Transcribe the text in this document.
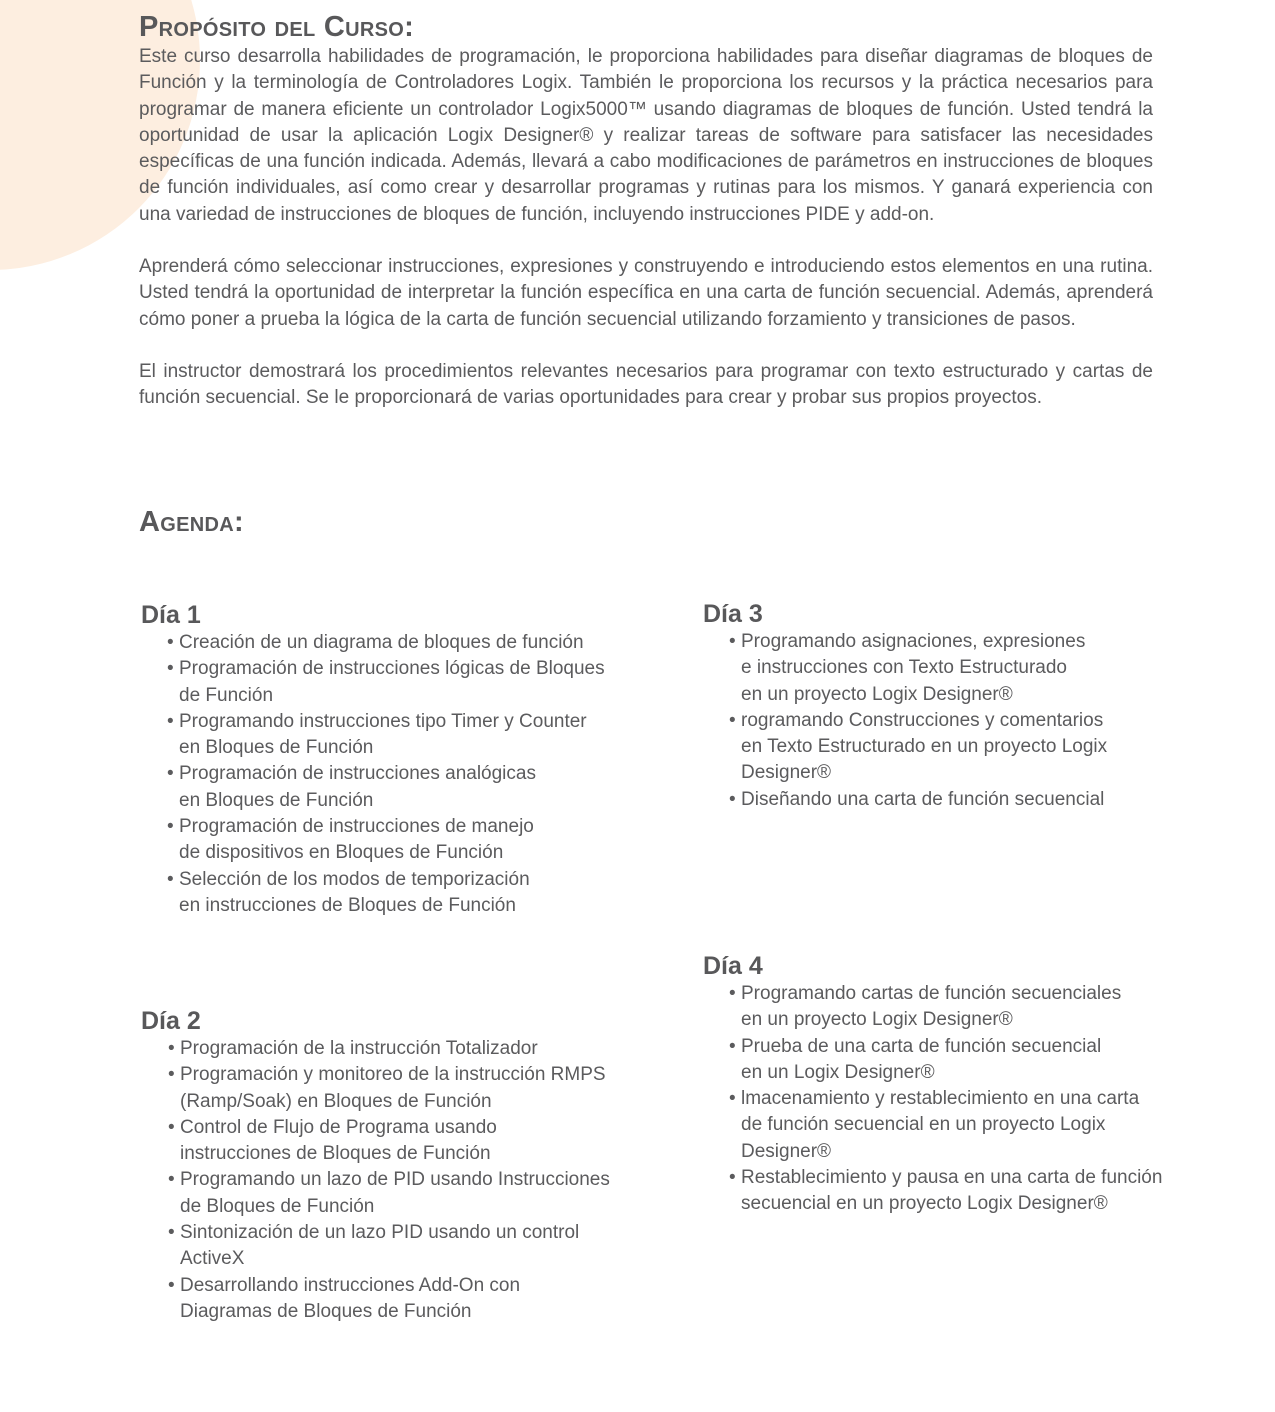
Propósito del Curso:

Este curso desarrolla habilidades de programación, le proporciona habilidades para diseñar diagramas de bloques de Función y la terminología de Controladores Logix. También le proporciona los recursos y la práctica necesarios para programar de manera eficiente un controlador Logix5000™ usando diagramas de bloques de función. Usted tendrá la oportunidad de usar la aplicación Logix Designer® y realizar tareas de software para satisfacer las necesidades específicas de una función indicada. Además, llevará a cabo modificaciones de parámetros en instrucciones de bloques de función individuales, así como crear y desarrollar programas y rutinas para los mismos. Y ganará experiencia con una variedad de instrucciones de bloques de función, incluyendo instrucciones PIDE y add-on.

Aprenderá cómo seleccionar instrucciones, expresiones y construyendo e introduciendo estos elementos en una rutina. Usted tendrá la oportunidad de interpretar la función específica en una carta de función secuencial. Además, aprenderá cómo poner a prueba la lógica de la carta de función secuencial utilizando forzamiento y transiciones de pasos.

El instructor demostrará los procedimientos relevantes necesarios para programar con texto estructurado y cartas de función secuencial. Se le proporcionará de varias oportunidades para crear y probar sus propios proyectos.

Agenda:
Día 1
• Creación de un diagrama de bloques de función
• Programación de instrucciones lógicas de Bloques
de Función
• Programando instrucciones tipo Timer y Counter
en Bloques de Función
• Programación de instrucciones analógicas
en Bloques de Función
• Programación de instrucciones de manejo
de dispositivos en Bloques de Función
• Selección de los modos de temporización
en instrucciones de Bloques de Función
Día 2
• Programación de la instrucción Totalizador
• Programación y monitoreo de la instrucción RMPS
(Ramp/Soak) en Bloques de Función
• Control de Flujo de Programa usando
instrucciones de Bloques de Función
• Programando un lazo de PID usando Instrucciones
de Bloques de Función
• Sintonización de un lazo PID usando un control
ActiveX
• Desarrollando instrucciones Add-On con
Diagramas de Bloques de Función
Día 3
• Programando asignaciones, expresiones
e instrucciones con Texto Estructurado
en un proyecto Logix Designer®
• rogramando Construcciones y comentarios
en Texto Estructurado en un proyecto Logix
Designer®
• Diseñando una carta de función secuencial
Día 4
• Programando cartas de función secuenciales
en un proyecto Logix Designer®
• Prueba de una carta de función secuencial
en un Logix Designer®
• lmacenamiento y restablecimiento en una carta
de función secuencial en un proyecto Logix
Designer®
• Restablecimiento y pausa en una carta de función
secuencial en un proyecto Logix Designer®
